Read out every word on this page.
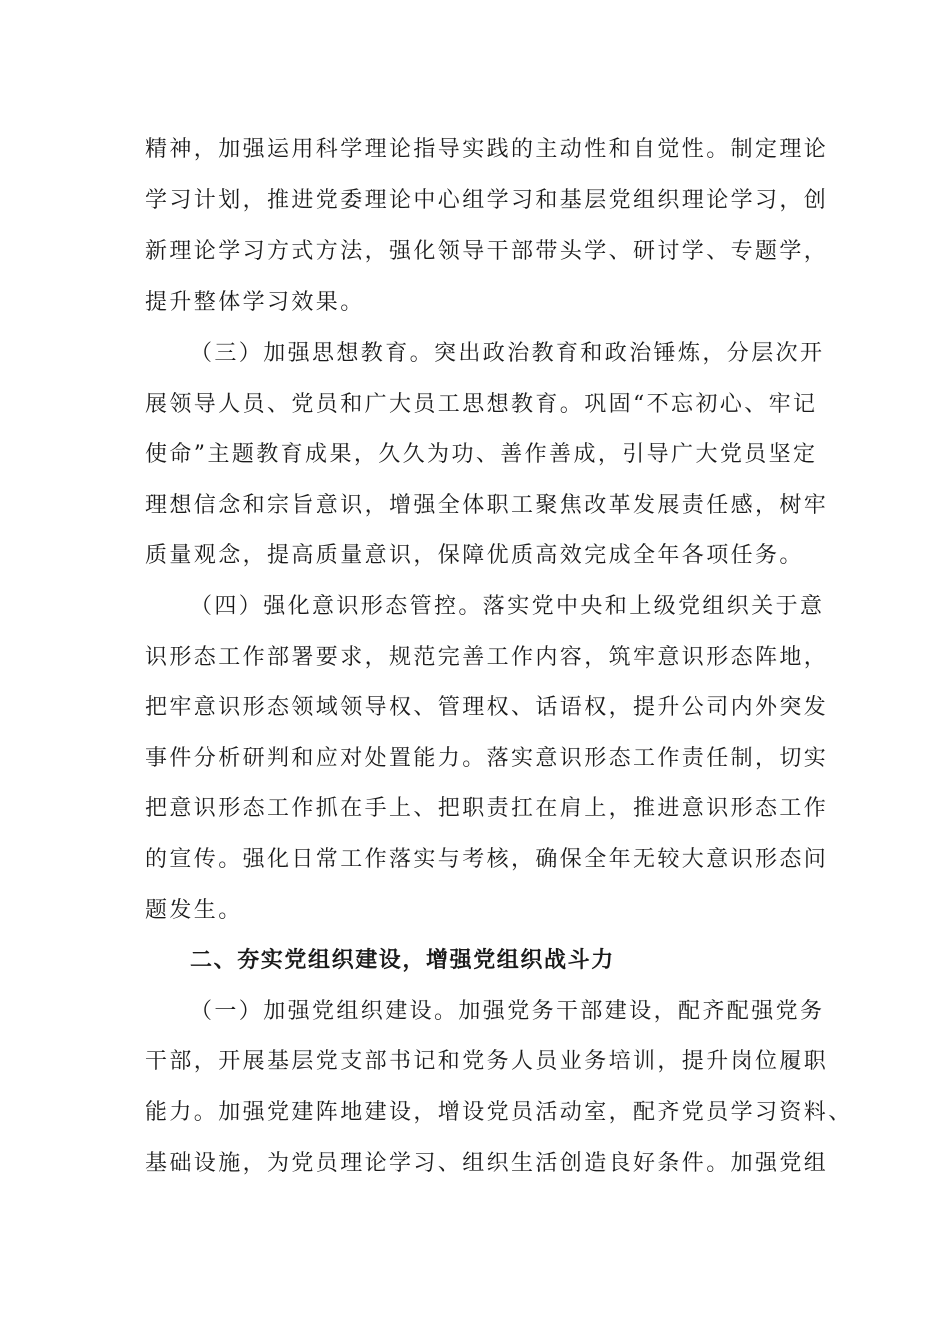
精神，加强运用科学理论指导实践的主动性和自觉性。制定理论
学习计划，推进党委理论中心组学习和基层党组织理论学习，创
新理论学习方式方法，强化领导干部带头学、研讨学、专题学，
提升整体学习效果。
（三）加强思想教育。突出政治教育和政治锤炼，分层次开
展领导人员、党员和广大员工思想教育。巩固“不忘初心、牢记
使命”主题教育成果，久久为功、善作善成，引导广大党员坚定
理想信念和宗旨意识，增强全体职工聚焦改革发展责任感，树牢
质量观念，提高质量意识，保障优质高效完成全年各项任务。
（四）强化意识形态管控。落实党中央和上级党组织关于意
识形态工作部署要求，规范完善工作内容，筑牢意识形态阵地，
把牢意识形态领域领导权、管理权、话语权，提升公司内外突发
事件分析研判和应对处置能力。落实意识形态工作责任制，切实
把意识形态工作抓在手上、把职责扛在肩上，推进意识形态工作
的宣传。强化日常工作落实与考核，确保全年无较大意识形态问
题发生。
二、夯实党组织建设，增强党组织战斗力
（一）加强党组织建设。加强党务干部建设，配齐配强党务
干部，开展基层党支部书记和党务人员业务培训，提升岗位履职
能力。加强党建阵地建设，增设党员活动室，配齐党员学习资料、
基础设施，为党员理论学习、组织生活创造良好条件。加强党组
